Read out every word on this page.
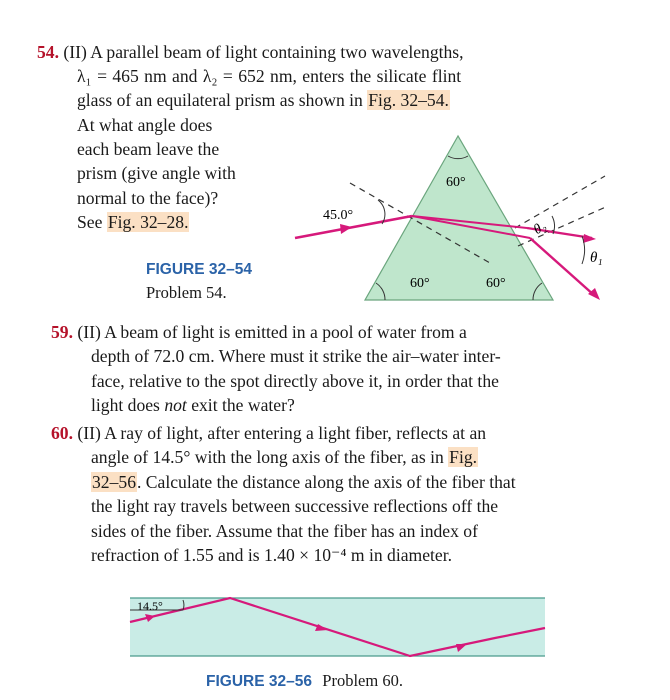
54. (II) A parallel beam of light containing two wavelengths,
λ₁ = 465 nm and λ₂ = 652 nm, enters the silicate flint
glass of an equilateral prism as shown in Fig. 32–54.
At what angle does
each beam leave the
prism (give angle with
normal to the face)?
See Fig. 32–28.
FIGURE 32–54
Problem 54.
45.0°
60°
60°	60°
θ₂
θ₁
59. (II) A beam of light is emitted in a pool of water from a
depth of 72.0 cm. Where must it strike the air–water inter-
face, relative to the spot directly above it, in order that the
light does not exit the water?
60. (II) A ray of light, after entering a light fiber, reflects at an
angle of 14.5° with the long axis of the fiber, as in Fig.
32–56. Calculate the distance along the axis of the fiber that
the light ray travels between successive reflections off the
sides of the fiber. Assume that the fiber has an index of
refraction of 1.55 and is 1.40 × 10⁻⁴ m in diameter.
14.5°
FIGURE 32–56 Problem 60.
